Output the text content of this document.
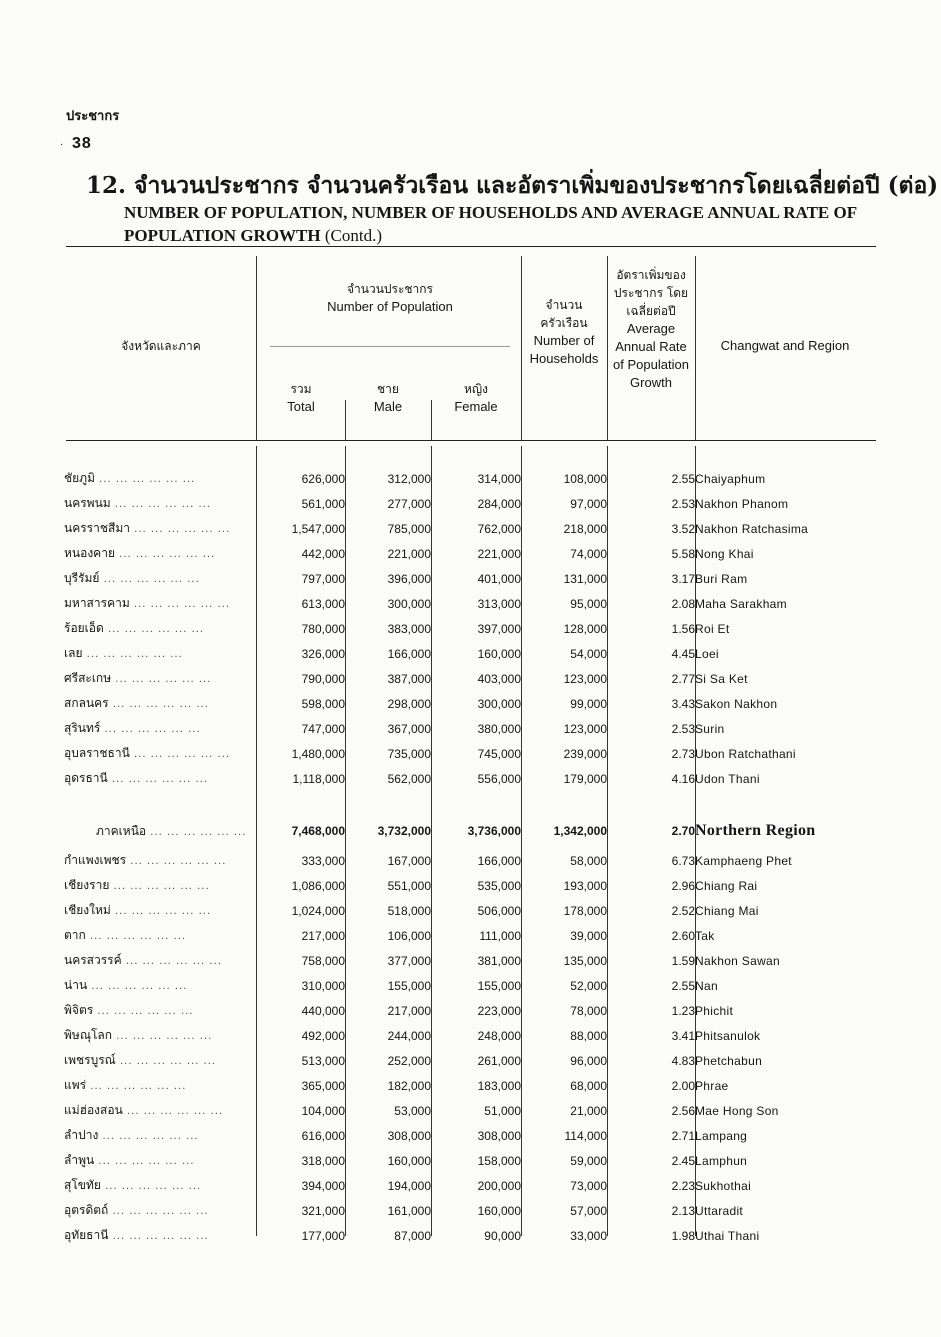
ประชากร
· 38
12. จำนวนประชากร จำนวนครัวเรือน และอัตราเพิ่มของประชากรโดยเฉลี่ยต่อปี (ต่อ)
NUMBER OF POPULATION, NUMBER OF HOUSEHOLDS AND AVERAGE ANNUAL RATE OF POPULATION GROWTH (Contd.)
จังหวัดและภาค
จำนวนประชากร
Number of Population
รวม
Total
ชาย
Male
หญิง
Female
จำนวน ครัวเรือน
Number of Households
อัตราเพิ่มของ ประชากร โดยเฉลี่ยต่อปี
Average Annual Rate of Population Growth
Changwat and Region
ชัยภูมิ ... ... ... ... ... ...	626,000	312,000	314,000	108,000	2.55	Chaiyaphum
นครพนม ... ... ... ... ... ...	561,000	277,000	284,000	97,000	2.53	Nakhon Phanom
นครราชสีมา ... ... ... ... ... ...	1,547,000	785,000	762,000	218,000	3.52	Nakhon Ratchasima
หนองคาย ... ... ... ... ... ...	442,000	221,000	221,000	74,000	5.58	Nong Khai
บุรีรัมย์ ... ... ... ... ... ...	797,000	396,000	401,000	131,000	3.17	Buri Ram
มหาสารคาม ... ... ... ... ... ...	613,000	300,000	313,000	95,000	2.08	Maha Sarakham
ร้อยเอ็ด ... ... ... ... ... ...	780,000	383,000	397,000	128,000	1.56	Roi Et
เลย ... ... ... ... ... ...	326,000	166,000	160,000	54,000	4.45	Loei
ศรีสะเกษ ... ... ... ... ... ...	790,000	387,000	403,000	123,000	2.77	Si Sa Ket
สกลนคร ... ... ... ... ... ...	598,000	298,000	300,000	99,000	3.43	Sakon Nakhon
สุรินทร์ ... ... ... ... ... ...	747,000	367,000	380,000	123,000	2.53	Surin
อุบลราชธานี ... ... ... ... ... ...	1,480,000	735,000	745,000	239,000	2.73	Ubon Ratchathani
อุดรธานี ... ... ... ... ... ...	1,118,000	562,000	556,000	179,000	4.16	Udon Thani

ภาคเหนือ ... ... ... ... ... ...	7,468,000	3,732,000	3,736,000	1,342,000	2.70	Northern Region
กำแพงเพชร ... ... ... ... ... ...	333,000	167,000	166,000	58,000	6.73	Kamphaeng Phet
เชียงราย ... ... ... ... ... ...	1,086,000	551,000	535,000	193,000	2.96	Chiang Rai
เชียงใหม่ ... ... ... ... ... ...	1,024,000	518,000	506,000	178,000	2.52	Chiang Mai
ตาก ... ... ... ... ... ...	217,000	106,000	111,000	39,000	2.60	Tak
นครสวรรค์ ... ... ... ... ... ...	758,000	377,000	381,000	135,000	1.59	Nakhon Sawan
น่าน ... ... ... ... ... ...	310,000	155,000	155,000	52,000	2.55	Nan
พิจิตร ... ... ... ... ... ...	440,000	217,000	223,000	78,000	1.23	Phichit
พิษณุโลก ... ... ... ... ... ...	492,000	244,000	248,000	88,000	3.41	Phitsanulok
เพชรบูรณ์ ... ... ... ... ... ...	513,000	252,000	261,000	96,000	4.83	Phetchabun
แพร่ ... ... ... ... ... ...	365,000	182,000	183,000	68,000	2.00	Phrae
แม่ฮ่องสอน ... ... ... ... ... ...	104,000	53,000	51,000	21,000	2.56	Mae Hong Son
ลำปาง ... ... ... ... ... ...	616,000	308,000	308,000	114,000	2.71	Lampang
ลำพูน ... ... ... ... ... ...	318,000	160,000	158,000	59,000	2.45	Lamphun
สุโขทัย ... ... ... ... ... ...	394,000	194,000	200,000	73,000	2.23	Sukhothai
อุตรดิตถ์ ... ... ... ... ... ...	321,000	161,000	160,000	57,000	2.13	Uttaradit
อุทัยธานี ... ... ... ... ... ...	177,000	87,000	90,000	33,000	1.98	Uthai Thani
